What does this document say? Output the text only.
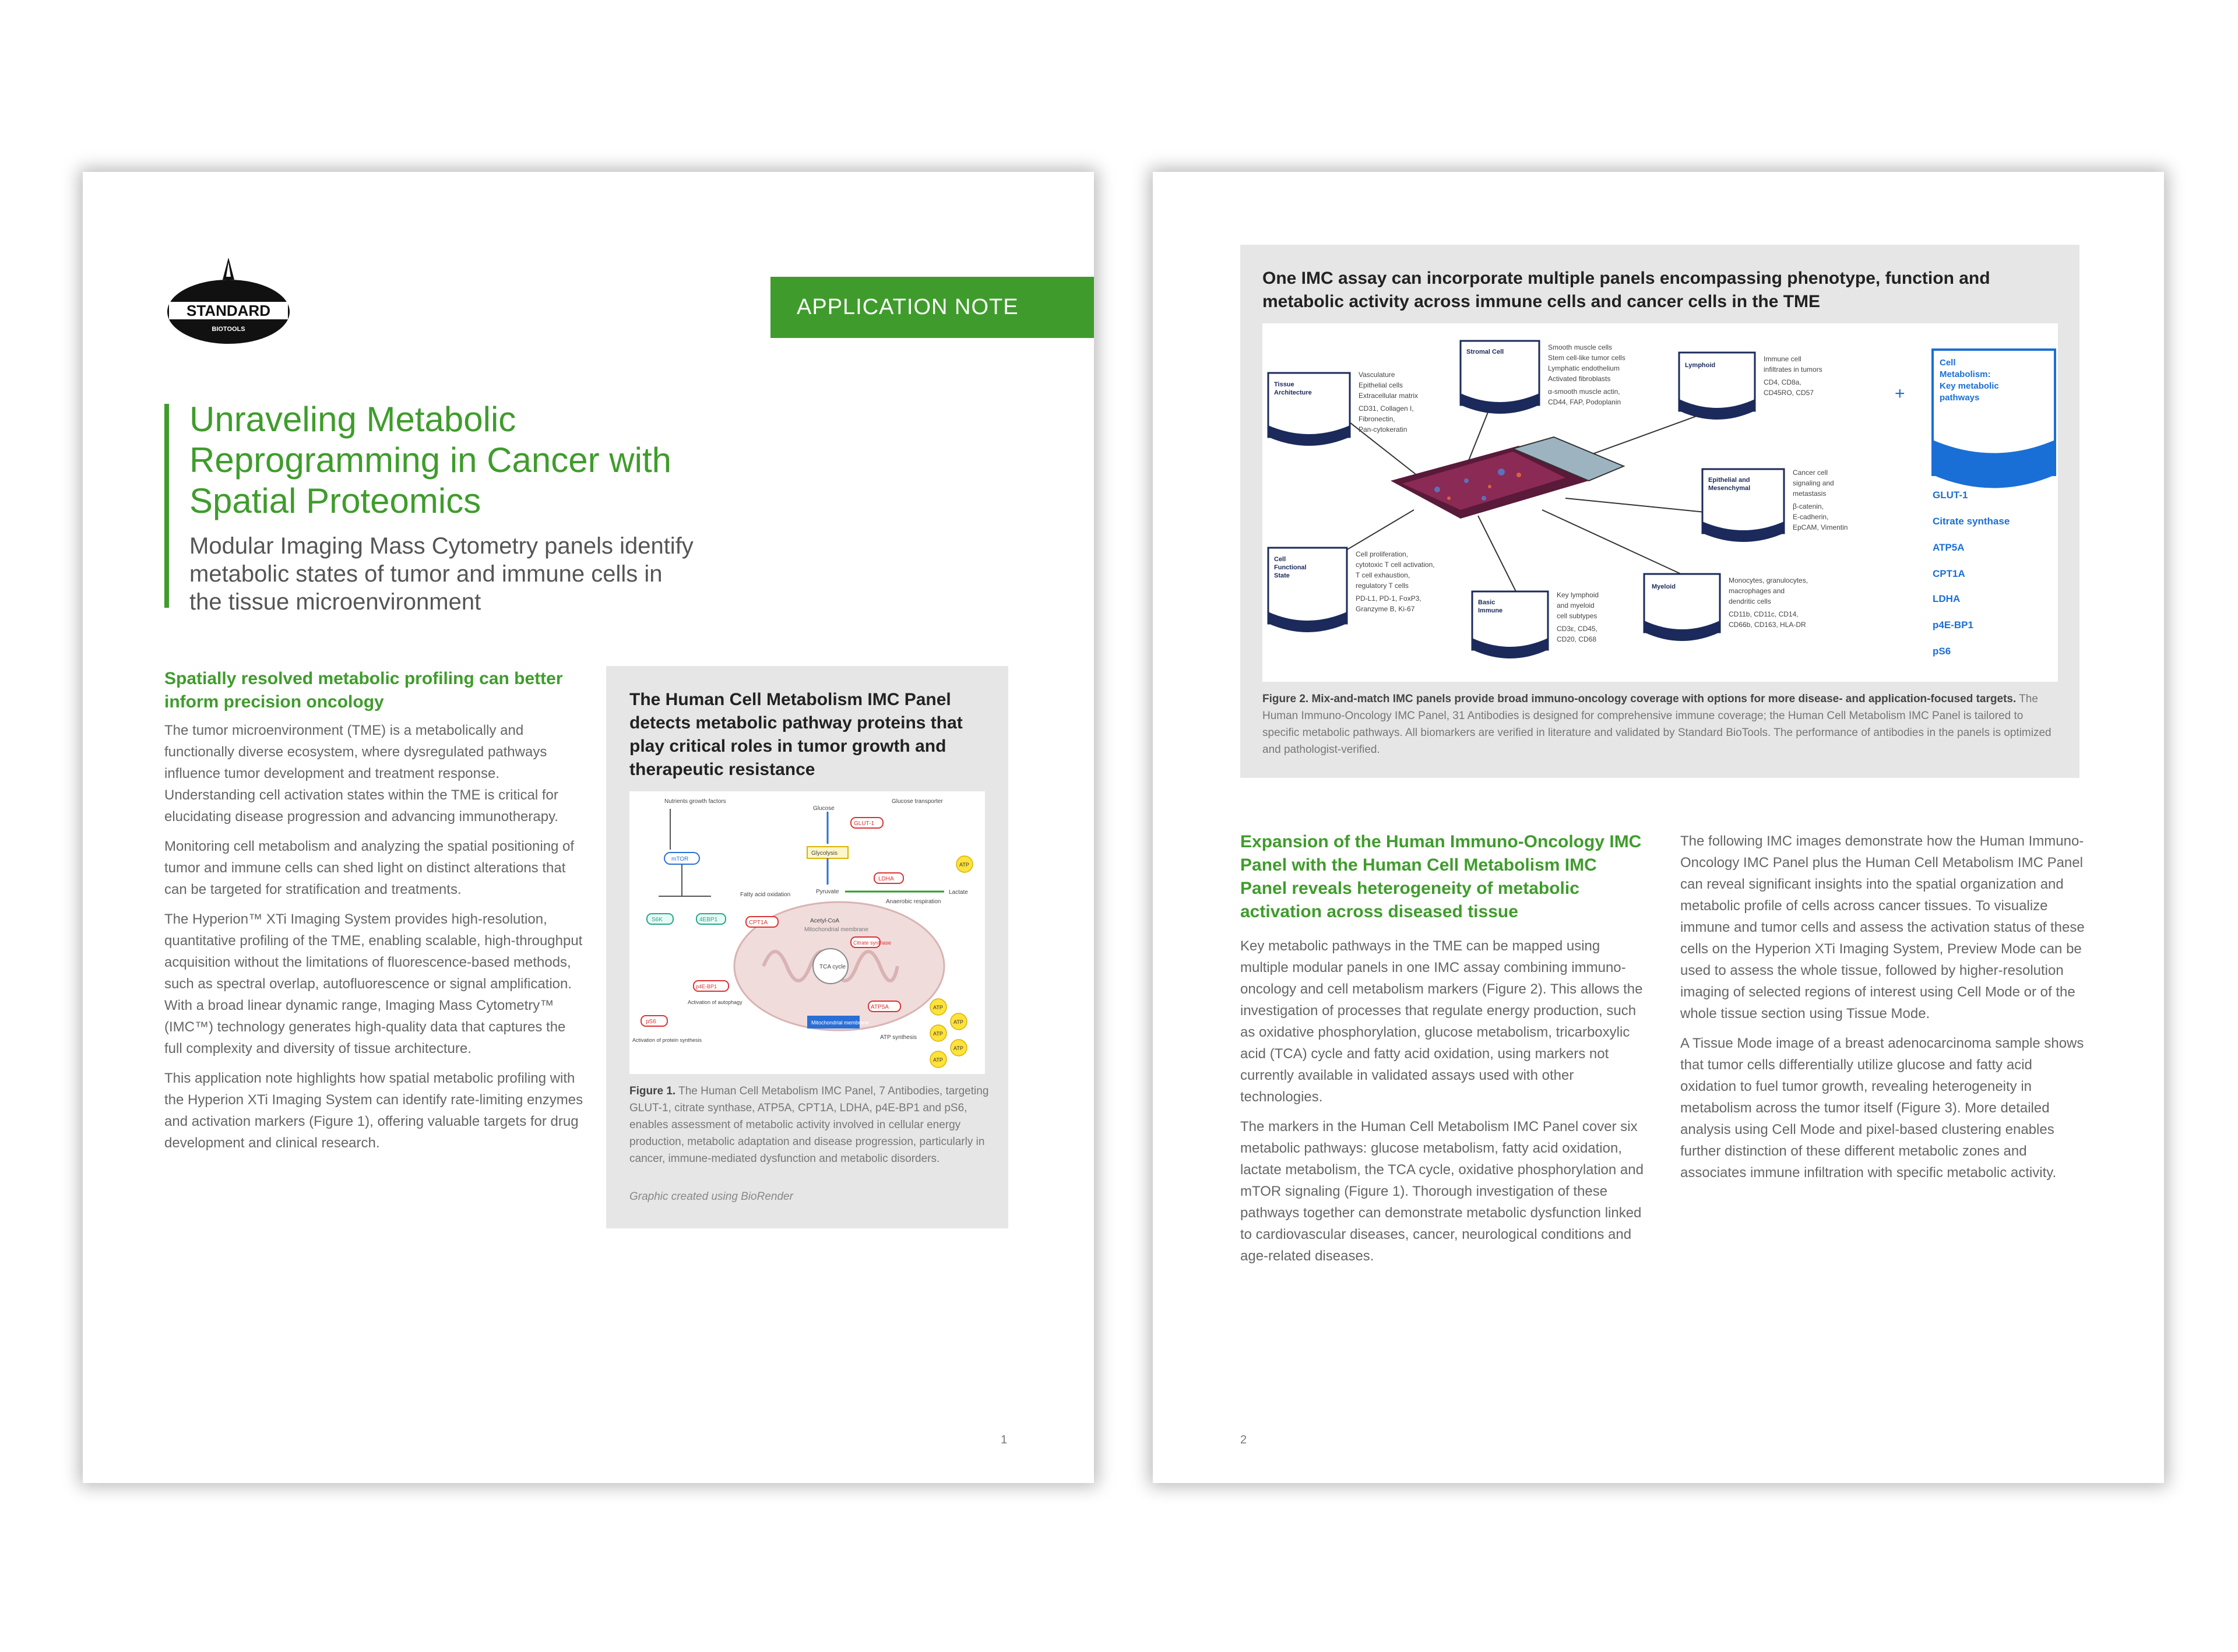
STANDARD
BIOTOOLS
APPLICATION NOTE
Unraveling Metabolic
Reprogramming in Cancer with
Spatial Proteomics
Modular Imaging Mass Cytometry panels identify
metabolic states of tumor and immune cells in
the tissue microenvironment
Spatially resolved metabolic profiling can better inform precision oncology

The tumor microenvironment (TME) is a metabolically and functionally diverse ecosystem, where dysregulated pathways influence tumor development and treatment response. Understanding cell activation states within the TME is critical for elucidating disease progression and advancing immunotherapy.

Monitoring cell metabolism and analyzing the spatial positioning of tumor and immune cells can shed light on distinct alterations that can be targeted for stratification and treatments.

The Hyperion™ XTi Imaging System provides high-resolution, quantitative profiling of the TME, enabling scalable, high-throughput acquisition without the limitations of fluorescence-based methods, such as spectral overlap, autofluorescence or signal amplification. With a broad linear dynamic range, Imaging Mass Cytometry™ (IMC™) technology generates high-quality data that captures the full complexity and diversity of tissue architecture.

This application note highlights how spatial metabolic profiling with the Hyperion XTi Imaging System can identify rate-limiting enzymes and activation markers (Figure 1), offering valuable targets for drug development and clinical research.

The Human Cell Metabolism IMC Panel detects metabolic pathway proteins that play critical roles in tumor growth and therapeutic resistance
Mitochondrial membrane
Nutrients growth factors	Glucose transporter
Glucose
GLUT-1
mTOR
Glycolysis
Pyruvate
LDHA
Lactate
Anaerobic respiration
Fatty acid oxidation
CPT1A	Acetyl-CoA
Citrate synthase
TCA cycle
S6K	4EBP1
p4E-BP1
Activation of autophagy
pS6
Activation of protein synthesis
Mitochondrial membrane
ATP5A
ATP synthesis
ATP
ATP
ATP
ATP
ATP
ATP
Figure 1. The Human Cell Metabolism IMC Panel, 7 Antibodies, targeting GLUT-1, citrate synthase, ATP5A, CPT1A, LDHA, p4E-BP1 and pS6, enables assessment of metabolic activity involved in cellular energy production, metabolic adaptation and disease progression, particularly in cancer, immune-mediated dysfunction and metabolic disorders.
Graphic created using BioRender
1
One IMC assay can incorporate multiple panels encompassing phenotype, function and metabolic activity across immune cells and cancer cells in the TME
Tissue
Architecture
Vasculature
Epithelial cells
Extracellular matrix
CD31, Collagen I,
Fibronectin,
Pan-cytokeratin
Stromal Cell
Smooth muscle cells
Stem cell-like tumor cells
Lymphatic endothelium
Activated fibroblasts
α-smooth muscle actin,
CD44, FAP, Podoplanin
Lymphoid
Immune cell
infiltrates in tumors
CD4, CD8a,
CD45RO, CD57	+
Cell
Metabolism:
Key metabolic
pathways
GLUT-1
Citrate synthase
ATP5A
CPT1A
LDHA
p4E-BP1
pS6
Epithelial and
Mesenchymal
Cancer cell
signaling and
metastasis
β-catenin,
E-cadherin,
EpCAM, Vimentin
Cell
Functional
State
Cell proliferation,
cytotoxic T cell activation,
T cell exhaustion,
regulatory T cells
PD-L1, PD-1, FoxP3,
Granzyme B, Ki-67
Basic
Immune
Key lymphoid
and myeloid
cell subtypes
CD3ε, CD45,
CD20, CD68
Myeloid
Monocytes, granulocytes,
macrophages and
dendritic cells
CD11b, CD11c, CD14,
CD66b, CD163, HLA-DR
Figure 2. Mix-and-match IMC panels provide broad immuno-oncology coverage with options for more disease- and application-focused targets. The Human Immuno-Oncology IMC Panel, 31 Antibodies is designed for comprehensive immune coverage; the Human Cell Metabolism IMC Panel is tailored to specific metabolic pathways. All biomarkers are verified in literature and validated by Standard BioTools. The performance of antibodies in the panels is optimized and pathologist-verified.
Expansion of the Human Immuno-Oncology IMC Panel with the Human Cell Metabolism IMC Panel reveals heterogeneity of metabolic activation across diseased tissue

Key metabolic pathways in the TME can be mapped using multiple modular panels in one IMC assay combining immuno-oncology and cell metabolism markers (Figure 2). This allows the investigation of processes that regulate energy production, such as oxidative phosphorylation, glucose metabolism, tricarboxylic acid (TCA) cycle and fatty acid oxidation, using markers not currently available in validated assays used with other technologies.

The markers in the Human Cell Metabolism IMC Panel cover six metabolic pathways: glucose metabolism, fatty acid oxidation, lactate metabolism, the TCA cycle, oxidative phosphorylation and mTOR signaling (Figure 1). Thorough investigation of these pathways together can demonstrate metabolic dysfunction linked to cardiovascular diseases, cancer, neurological conditions and age-related diseases.

The following IMC images demonstrate how the Human Immuno-Oncology IMC Panel plus the Human Cell Metabolism IMC Panel can reveal significant insights into the spatial organization and metabolic profile of cells across cancer tissues. To visualize immune and tumor cells and assess the activation status of these cells on the Hyperion XTi Imaging System, Preview Mode can be used to assess the whole tissue, followed by higher-resolution imaging of selected regions of interest using Cell Mode or of the whole tissue section using Tissue Mode.

A Tissue Mode image of a breast adenocarcinoma sample shows that tumor cells differentially utilize glucose and fatty acid oxidation to fuel tumor growth, revealing heterogeneity in metabolism across the tumor itself (Figure 3). More detailed analysis using Cell Mode and pixel-based clustering enables further distinction of these different metabolic zones and associates immune infiltration with specific metabolic activity.

2
